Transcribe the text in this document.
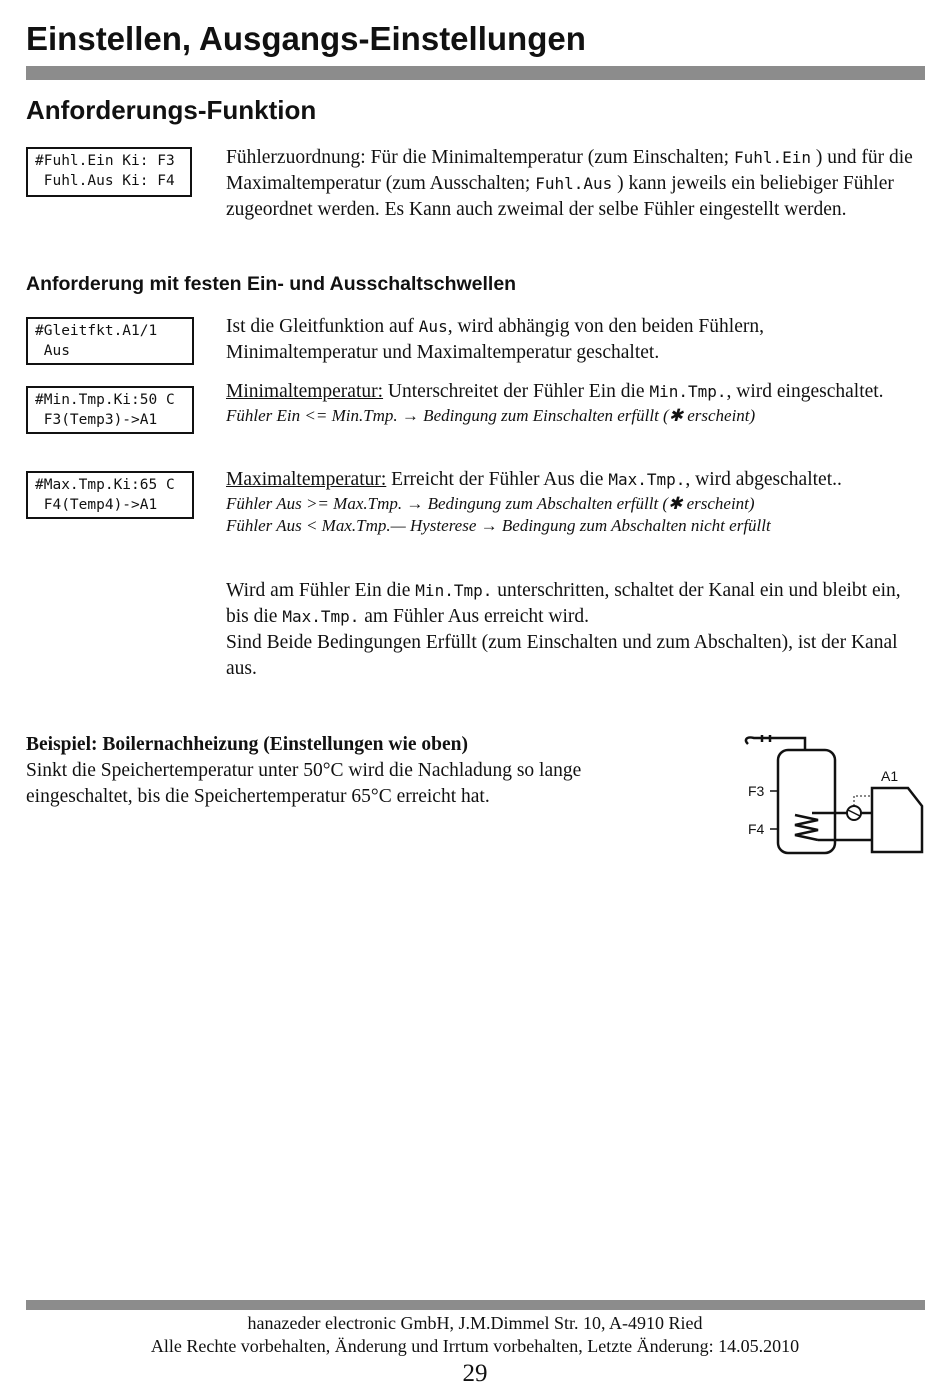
Einstellen, Ausgangs-Einstellungen
Anforderungs-Funktion
#Fuhl.Ein Ki: F3
Fuhl.Aus Ki: F4
Fühlerzuordnung: Für die Minimaltemperatur (zum Einschalten; Fuhl.Ein ) und für die Maximaltemperatur (zum Ausschalten; Fuhl.Aus ) kann jeweils ein beliebiger Fühler zugeordnet werden. Es Kann auch zweimal der selbe Fühler eingestellt werden.
Anforderung mit festen Ein- und Ausschaltschwellen
#Gleitfkt.A1/1
Aus
Ist die Gleitfunktion auf Aus, wird abhängig von den beiden Fühlern, Minimaltemperatur und Maximaltemperatur geschaltet.
#Min.Tmp.Ki:50 C
F3(Temp3)->A1

Minimaltemperatur: Unterschreitet der Fühler Ein die Min.Tmp., wird eingeschaltet.

Fühler Ein <= Min.Tmp. → Bedingung zum Einschalten erfüllt (✱ erscheint)

#Max.Tmp.Ki:65 C
F4(Temp4)->A1

Maximaltemperatur: Erreicht der Fühler Aus die Max.Tmp., wird abgeschaltet..

Fühler Aus >= Max.Tmp. → Bedingung zum Abschalten erfüllt (✱ erscheint)

Fühler Aus < Max.Tmp.— Hysterese → Bedingung zum Abschalten nicht erfüllt

Wird am Fühler Ein die Min.Tmp. unterschritten, schaltet der Kanal ein und bleibt ein, bis die Max.Tmp. am Fühler Aus erreicht wird.

Sind Beide Bedingungen Erfüllt (zum Einschalten und zum Abschalten), ist der Kanal aus.

Beispiel: Boilernachheizung (Einstellungen wie oben)

Sinkt die Speichertemperatur unter 50°C wird die Nachladung so lange eingeschaltet, bis die Speichertemperatur 65°C erreicht hat.

A1
F3
F4
hanazeder electronic GmbH, J.M.Dimmel Str. 10, A-4910 Ried
Alle Rechte vorbehalten, Änderung und Irrtum vorbehalten, Letzte Änderung: 14.05.2010
29
